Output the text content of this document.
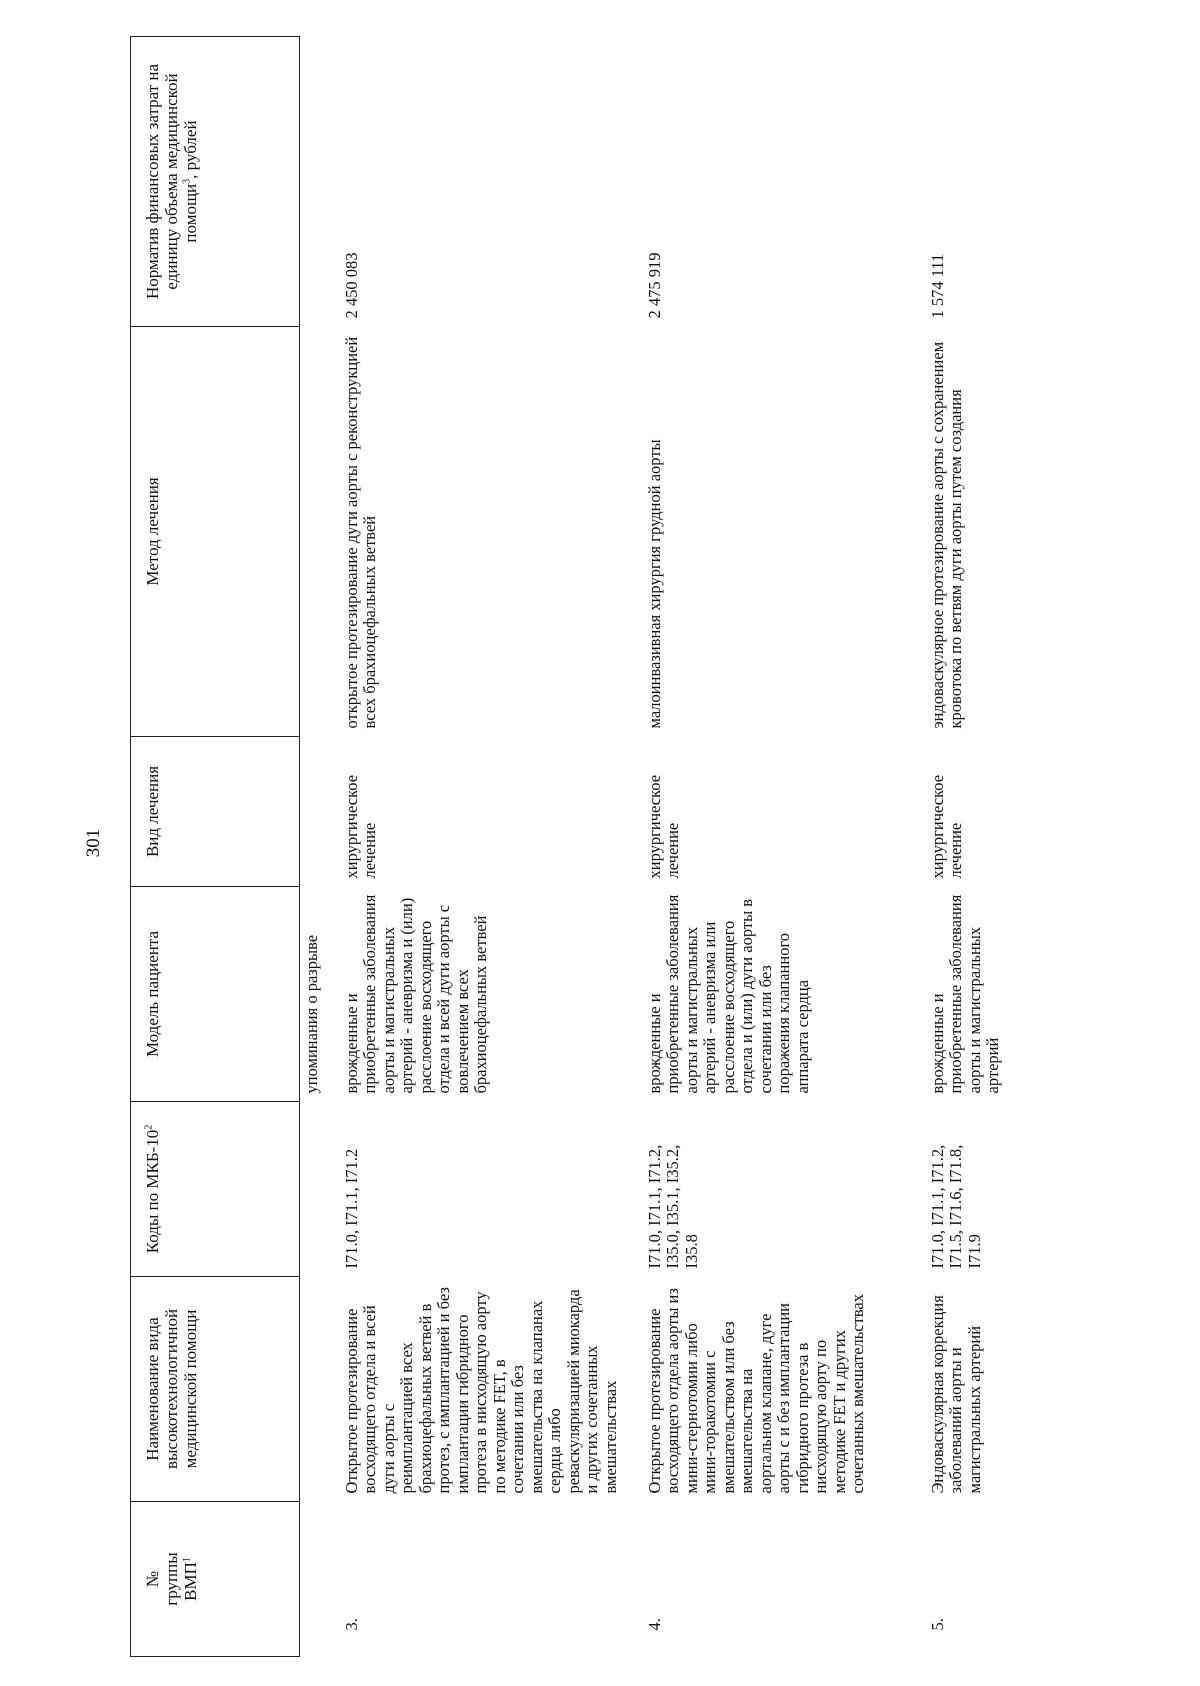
301
№
группы
ВМП$^1$	Наименование вида высокотехнологичной медицинской помощи	Коды по МКБ-$10^2$	Модель пациента	Вид лечения	Метод лечения	Норматив финансовых затрат на единицу объема медицинской помощи$^3$, рублей
			упоминания о разрыве			
3.	Открытое протезирование восходящего отдела и всей дуги аорты с реимплантацией всех брахиоцефальных ветвей в протез, с имплантацией и без имплантации гибридного протеза в нисходящую аорту по методике FET, в сочетании или без вмешательства на клапанах сердца либо реваскуляризацией миокарда и других сочетанных вмешательствах	I71.0, I71.1, I71.2	врожденные и приобретенные заболевания аорты и магистральных артерий - аневризма и (или) расслоение восходящего отдела и всей дуги аорты с вовлечением всех брахиоцефальных ветвей	хирургическое лечение	открытое протезирование дуги аорты с реконструкцией всех брахиоцефальных ветвей	2 450 083
4.	Открытое протезирование восходящего отдела аорты из мини-стернотомии либо мини-торакотомии с вмешательством или без вмешательства на аортальном клапане, дуге аорты с и без имплантации гибридного протеза в нисходящую аорту по методике FET и других сочетанных вмешательствах	I71.0, I71.1, I71.2, I35.0, I35.1, I35.2, I35.8	врожденные и приобретенные заболевания аорты и магистральных артерий - аневризма или расслоение восходящего отдела и (или) дуги аорты в сочетании или без поражения клапанного аппарата сердца	хирургическое лечение	малоинвазивная хирургия грудной аорты	2 475 919
5.	Эндоваскулярная коррекция заболеваний аорты и магистральных артерий	I71.0, I71.1, I71.2, I71.5, I71.6, I71.8, I71.9	врожденные и приобретенные заболевания аорты и магистральных артерий	хирургическое лечение	эндоваскулярное протезирование аорты с сохранением кровотока по ветвям дуги аорты путем создания	1 574 111
